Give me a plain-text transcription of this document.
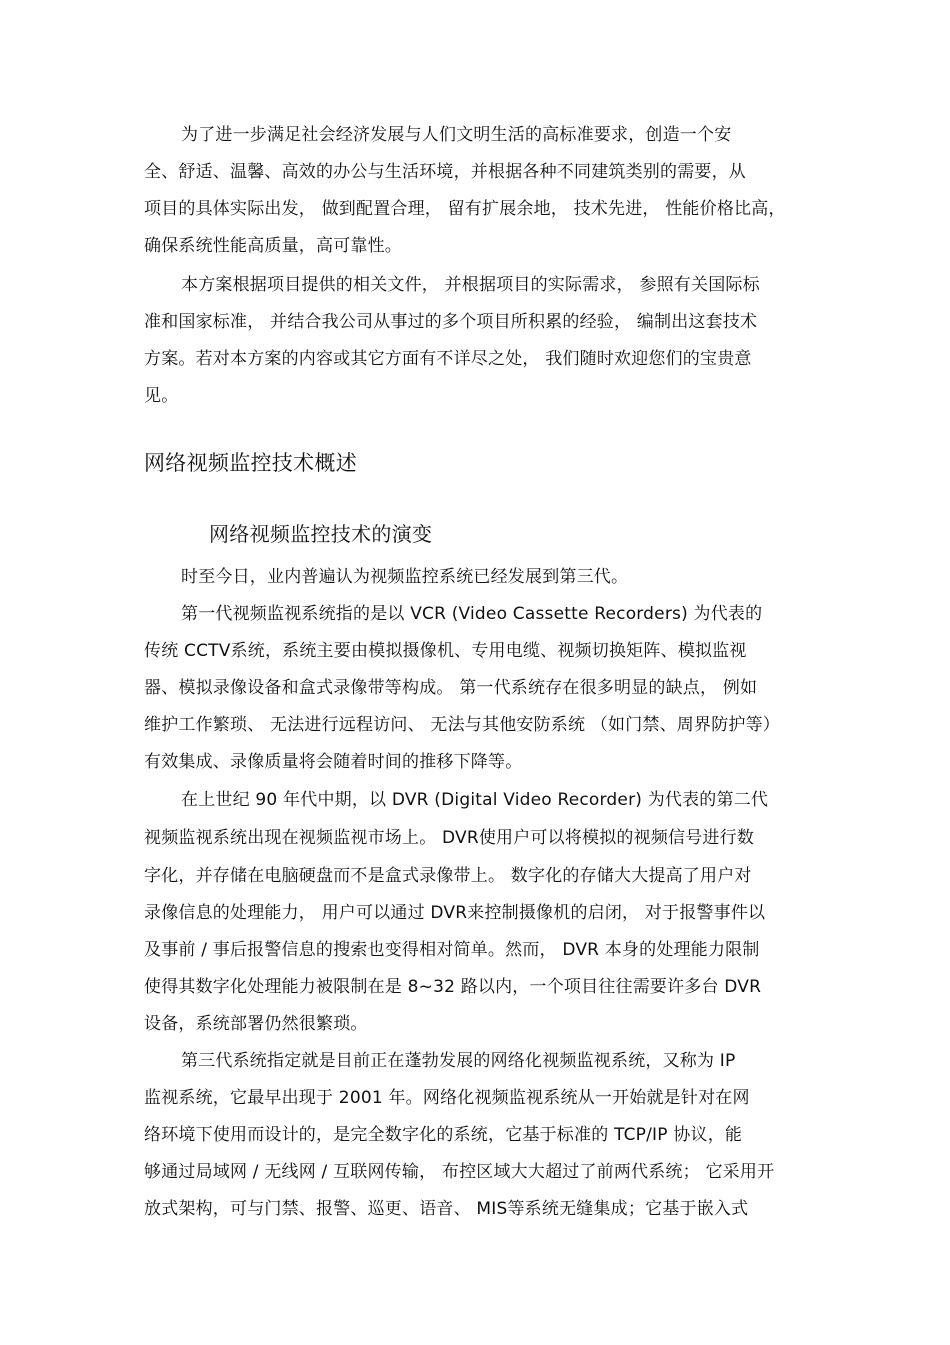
为了进一步满足社会经济发展与人们文明生活的高标准要求，创造一个安
全、舒适、温馨、高效的办公与生活环境，并根据各种不同建筑类别的需要，从
项目的具体实际出发， 做到配置合理， 留有扩展余地， 技术先进， 性能价格比高，
确保系统性能高质量，高可靠性。
本方案根据项目提供的相关文件， 并根据项目的实际需求， 参照有关国际标
准和国家标准， 并结合我公司从事过的多个项目所积累的经验， 编制出这套技术
方案。若对本方案的内容或其它方面有不详尽之处， 我们随时欢迎您们的宝贵意
见。
网络视频监控技术概述
网络视频监控技术的演变
时至今日，业内普遍认为视频监控系统已经发展到第三代。
第一代视频监视系统指的是以 VCR (Video Cassette Recorders) 为代表的
传统 CCTV系统，系统主要由模拟摄像机、专用电缆、视频切换矩阵、模拟监视
器、模拟录像设备和盒式录像带等构成。 第一代系统存在很多明显的缺点， 例如
维护工作繁琐、 无法进行远程访问、 无法与其他安防系统 （如门禁、周界防护等）
有效集成、录像质量将会随着时间的推移下降等。
在上世纪 90 年代中期，以 DVR (Digital Video Recorder) 为代表的第二代
视频监视系统出现在视频监视市场上。 DVR使用户可以将模拟的视频信号进行数
字化，并存储在电脑硬盘而不是盒式录像带上。 数字化的存储大大提高了用户对
录像信息的处理能力， 用户可以通过 DVR来控制摄像机的启闭， 对于报警事件以
及事前 / 事后报警信息的搜索也变得相对简单。然而， DVR 本身的处理能力限制
使得其数字化处理能力被限制在是 8~32 路以内，一个项目往往需要许多台 DVR
设备，系统部署仍然很繁琐。
第三代系统指定就是目前正在蓬勃发展的网络化视频监视系统，又称为 IP
监视系统，它最早出现于 2001 年。网络化视频监视系统从一开始就是针对在网
络环境下使用而设计的，是完全数字化的系统，它基于标准的 TCP/IP 协议，能
够通过局域网 / 无线网 / 互联网传输， 布控区域大大超过了前两代系统； 它采用开
放式架构，可与门禁、报警、巡更、语音、 MIS等系统无缝集成；它基于嵌入式
